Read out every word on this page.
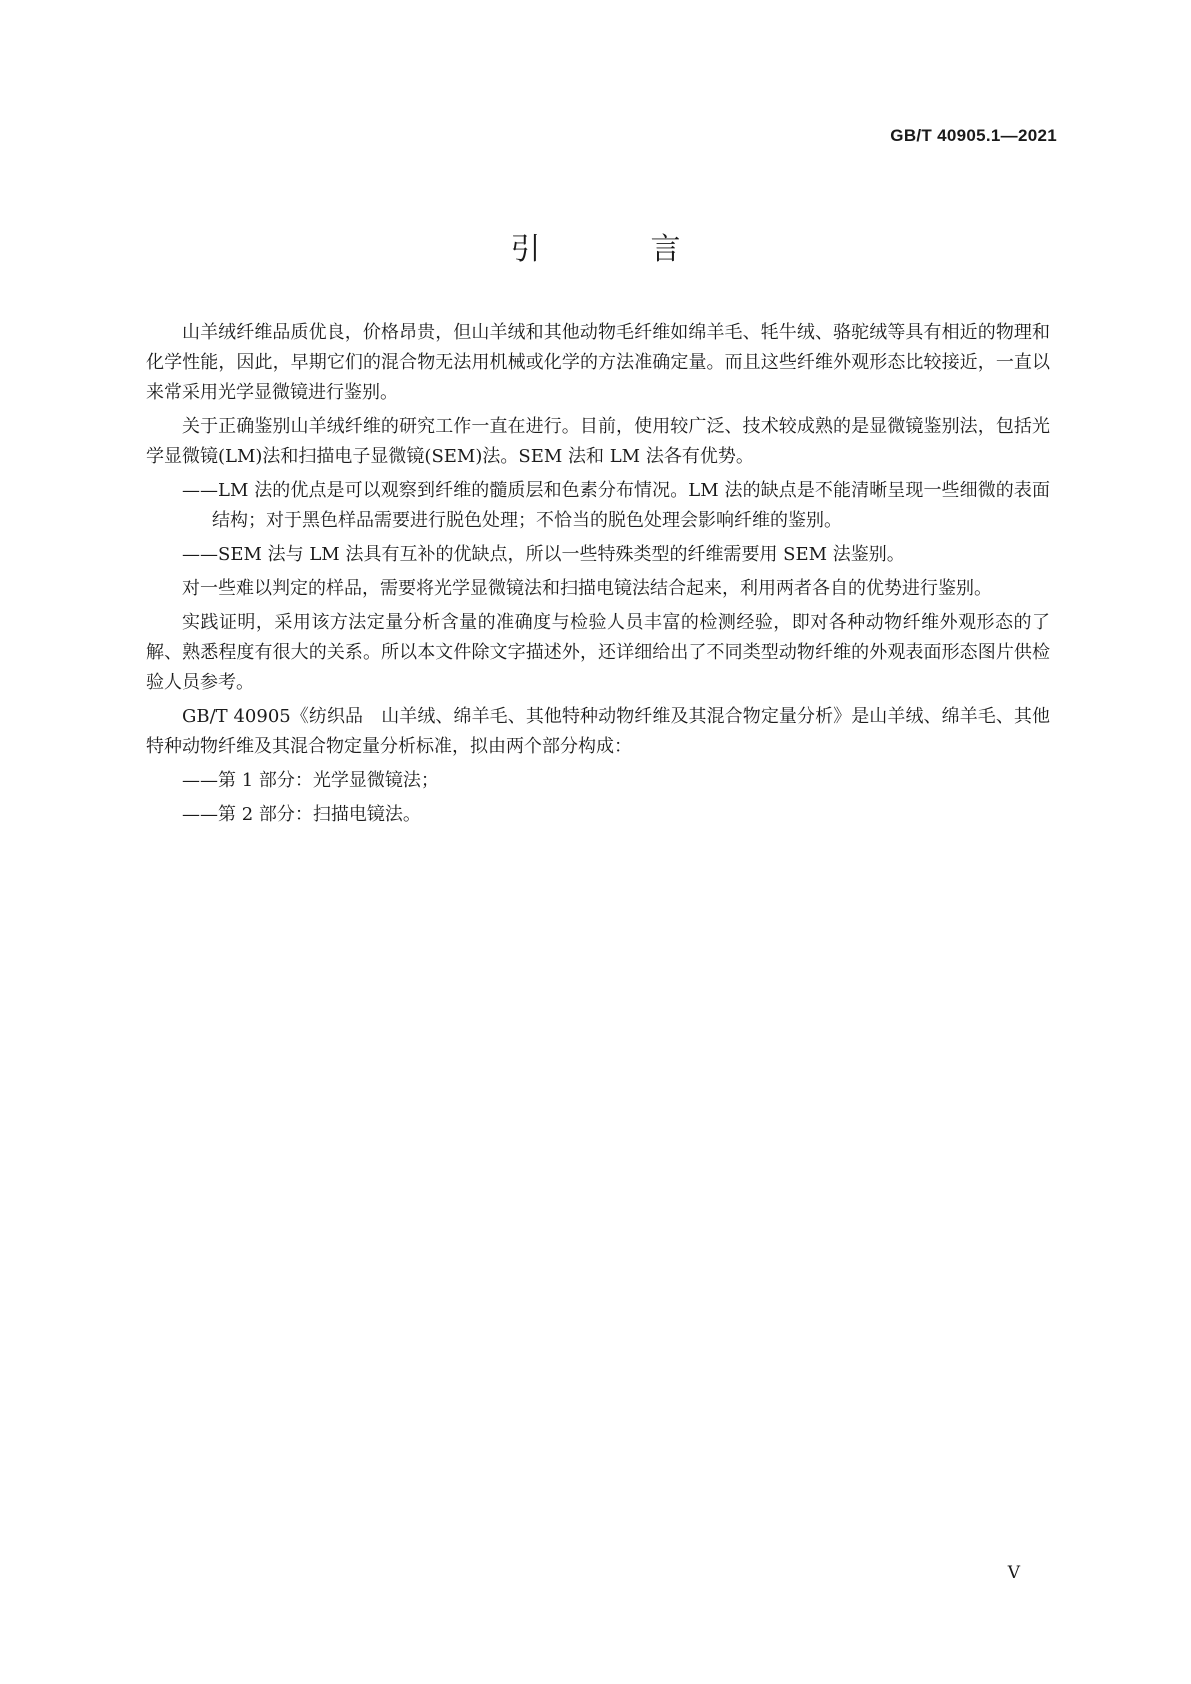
GB/T 40905.1—2021
引　言

山羊绒纤维品质优良，价格昂贵，但山羊绒和其他动物毛纤维如绵羊毛、牦牛绒、骆驼绒等具有相近的物理和化学性能，因此，早期它们的混合物无法用机械或化学的方法准确定量。而且这些纤维外观形态比较接近，一直以来常采用光学显微镜进行鉴别。

关于正确鉴别山羊绒纤维的研究工作一直在进行。目前，使用较广泛、技术较成熟的是显微镜鉴别法，包括光学显微镜(LM)法和扫描电子显微镜(SEM)法。SEM 法和 LM 法各有优势。

——LM 法的优点是可以观察到纤维的髓质层和色素分布情况。LM 法的缺点是不能清晰呈现一些细微的表面结构；对于黑色样品需要进行脱色处理；不恰当的脱色处理会影响纤维的鉴别。

——SEM 法与 LM 法具有互补的优缺点，所以一些特殊类型的纤维需要用 SEM 法鉴别。

对一些难以判定的样品，需要将光学显微镜法和扫描电镜法结合起来，利用两者各自的优势进行鉴别。

实践证明，采用该方法定量分析含量的准确度与检验人员丰富的检测经验，即对各种动物纤维外观形态的了解、熟悉程度有很大的关系。所以本文件除文字描述外，还详细给出了不同类型动物纤维的外观表面形态图片供检验人员参考。

GB/T 40905《纺织品　山羊绒、绵羊毛、其他特种动物纤维及其混合物定量分析》是山羊绒、绵羊毛、其他特种动物纤维及其混合物定量分析标准，拟由两个部分构成：

——第 1 部分：光学显微镜法；

——第 2 部分：扫描电镜法。

V
